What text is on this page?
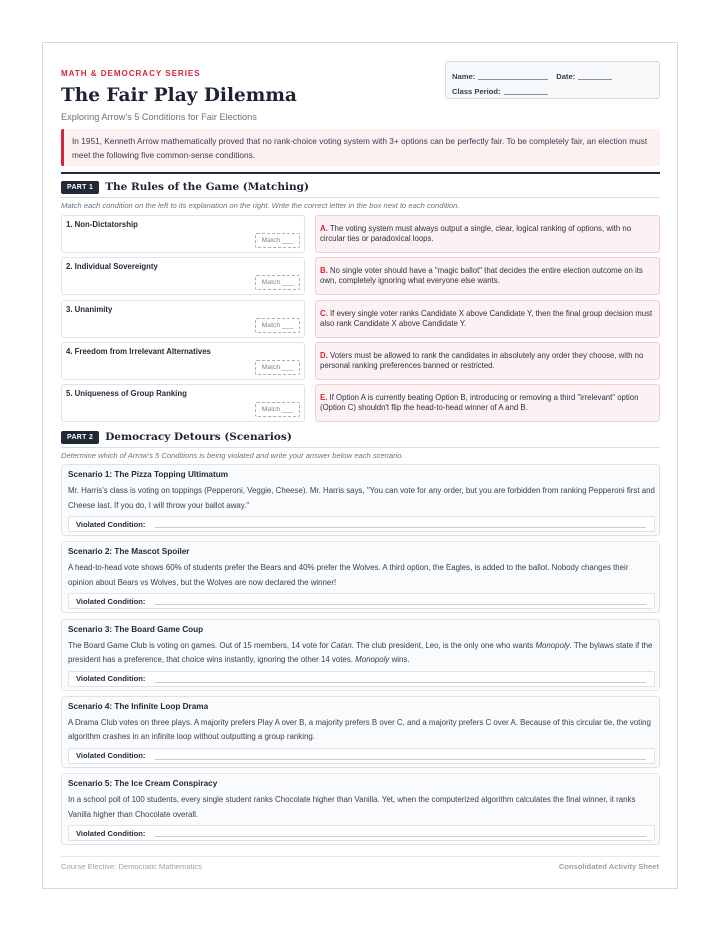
MATH & DEMOCRACY SERIES
The Fair Play Dilemma
Exploring Arrow's 5 Conditions for Fair Elections
Name:	Date:
Class Period:
In 1951, Kenneth Arrow mathematically proved that no rank-choice voting system with 3+ options can be perfectly fair. To be completely fair, an election must meet the following five common-sense conditions.
PART 1	The Rules of the Game (Matching)
Match each condition on the left to its explanation on the right. Write the correct letter in the box next to each condition.
1. Non-Dictatorship
Match ___
A. The voting system must always output a single, clear, logical ranking of options, with no circular ties or paradoxical loops.
2. Individual Sovereignty
Match ___
B. No single voter should have a "magic ballot" that decides the entire election outcome on its own, completely ignoring what everyone else wants.
3. Unanimity
Match ___
C. If every single voter ranks Candidate X above Candidate Y, then the final group decision must also rank Candidate X above Candidate Y.
4. Freedom from Irrelevant Alternatives
Match ___
D. Voters must be allowed to rank the candidates in absolutely any order they choose, with no personal ranking preferences banned or restricted.
5. Uniqueness of Group Ranking
Match ___
E. If Option A is currently beating Option B, introducing or removing a third "irrelevant" option (Option C) shouldn't flip the head-to-head winner of A and B.
PART 2	Democracy Detours (Scenarios)
Determine which of Arrow's 5 Conditions is being violated and write your answer below each scenario.
Scenario 1: The Pizza Topping Ultimatum
Mr. Harris's class is voting on toppings (Pepperoni, Veggie, Cheese). Mr. Harris says, "You can vote for any order, but you are forbidden from ranking Pepperoni first and Cheese last. If you do, I will throw your ballot away."
Violated Condition:
Scenario 2: The Mascot Spoiler
A head-to-head vote shows 60% of students prefer the Bears and 40% prefer the Wolves. A third option, the Eagles, is added to the ballot. Nobody changes their opinion about Bears vs Wolves, but the Wolves are now declared the winner!
Violated Condition:
Scenario 3: The Board Game Coup
The Board Game Club is voting on games. Out of 15 members, 14 vote for Catan. The club president, Leo, is the only one who wants Monopoly. The bylaws state if the president has a preference, that choice wins instantly, ignoring the other 14 votes. Monopoly wins.
Violated Condition:
Scenario 4: The Infinite Loop Drama
A Drama Club votes on three plays. A majority prefers Play A over B, a majority prefers B over C, and a majority prefers C over A. Because of this circular tie, the voting algorithm crashes in an infinite loop without outputting a group ranking.
Violated Condition:
Scenario 5: The Ice Cream Conspiracy
In a school poll of 100 students, every single student ranks Chocolate higher than Vanilla. Yet, when the computerized algorithm calculates the final winner, it ranks Vanilla higher than Chocolate overall.
Violated Condition:
Course Elective: Democratic Mathematics	Consolidated Activity Sheet
